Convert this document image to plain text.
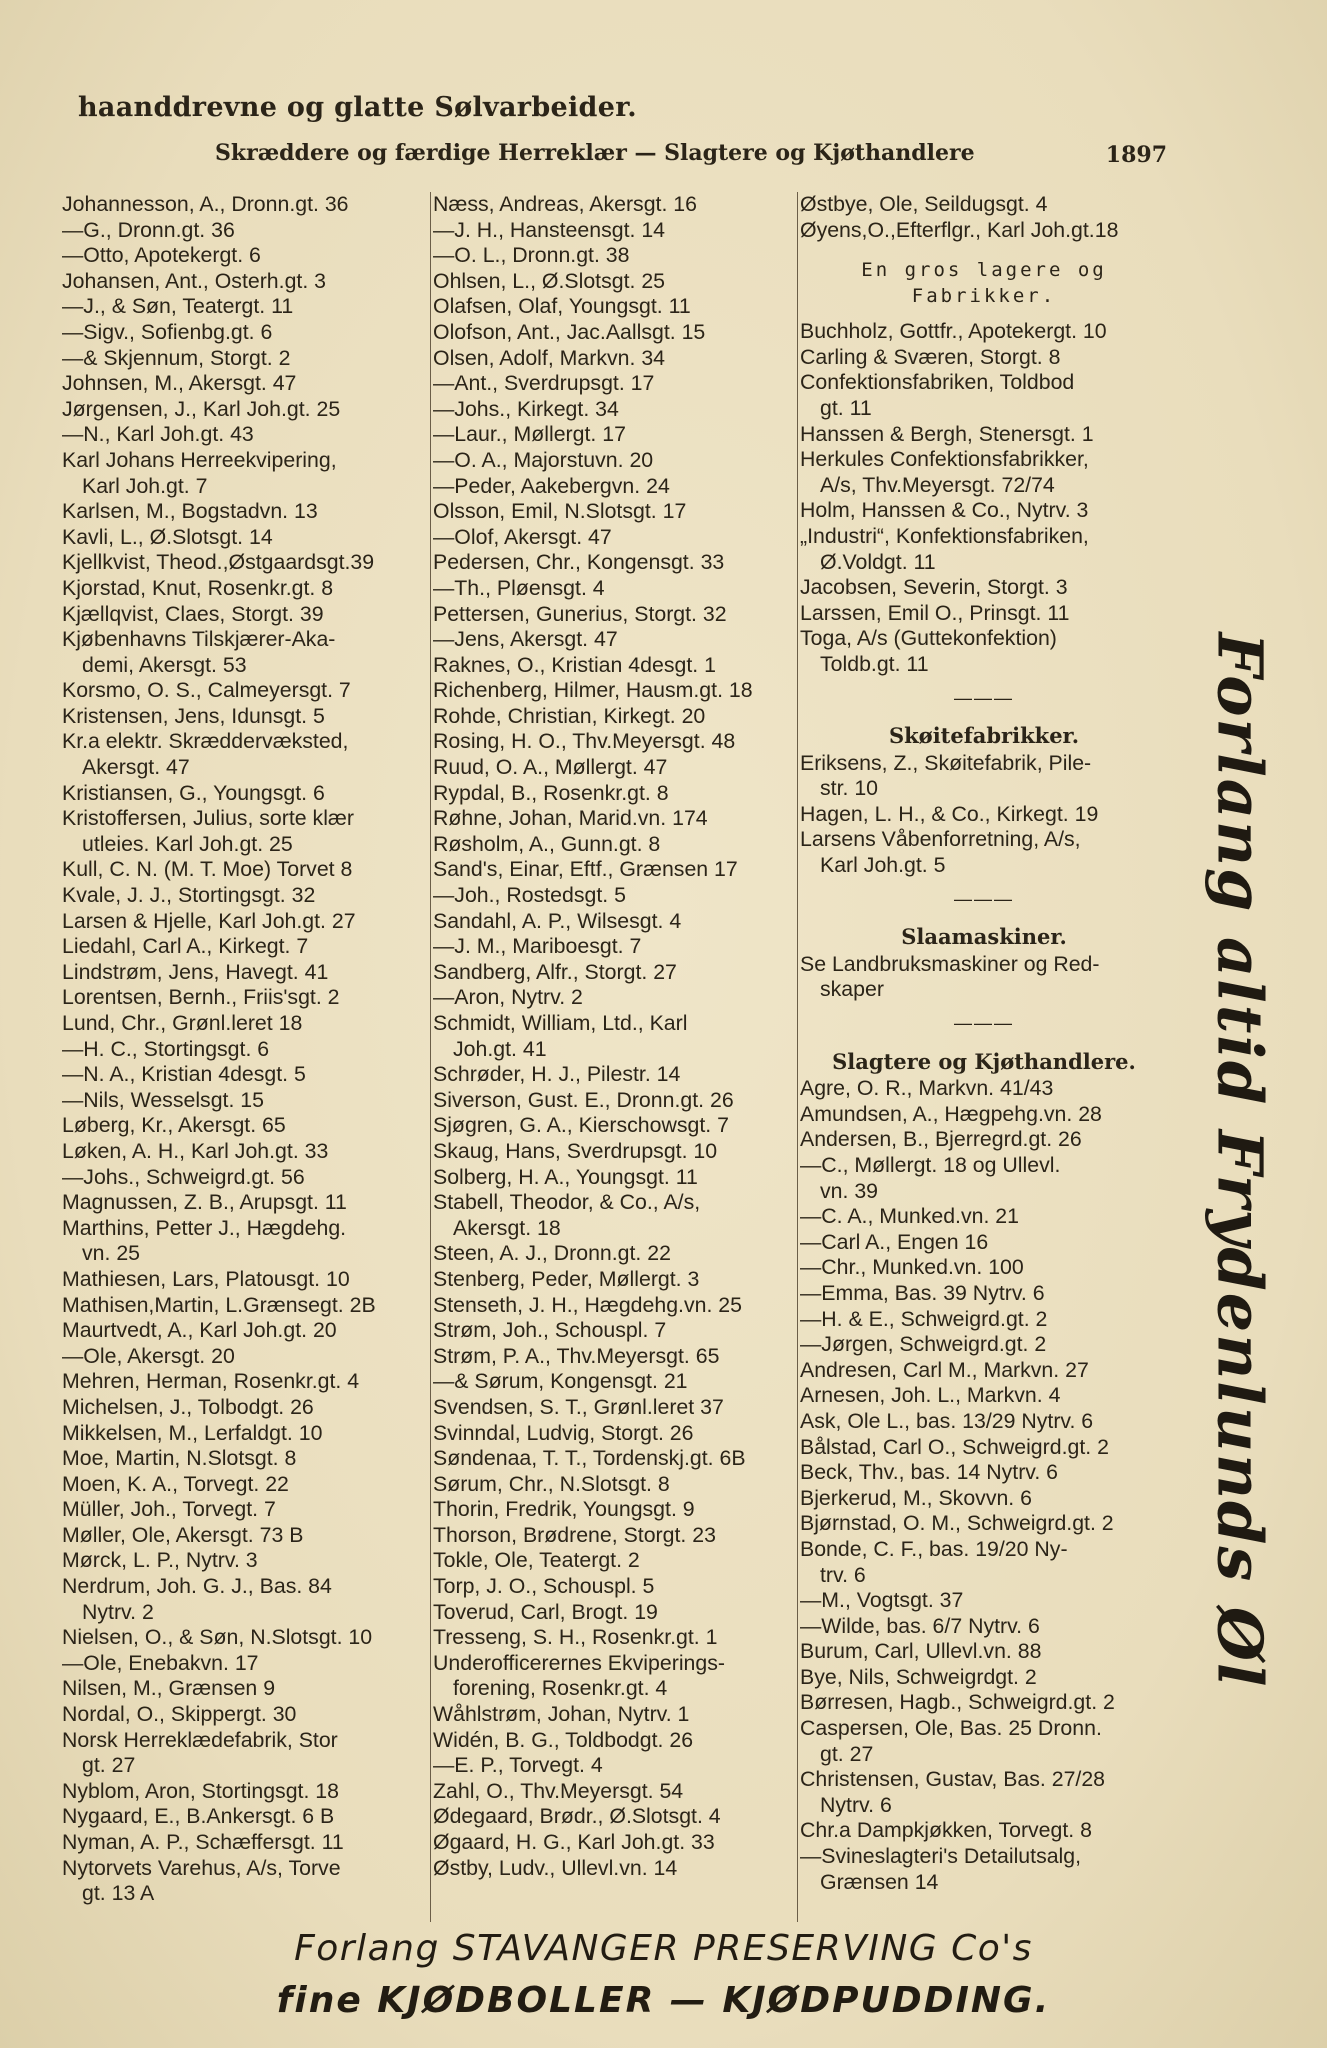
haanddrevne og glatte Sølvarbeider.
Skræddere og færdige Herreklær — Slagtere og Kjøthandlere	1897
Johannesson, A., Dronn.gt. 36
—G., Dronn.gt. 36
—Otto, Apotekergt. 6
Johansen, Ant., Osterh.gt. 3
—J., & Søn, Teatergt. 11
—Sigv., Sofienbg.gt. 6
—& Skjennum, Storgt. 2
Johnsen, M., Akersgt. 47
Jørgensen, J., Karl Joh.gt. 25
—N., Karl Joh.gt. 43
Karl Johans Herreekvipering,
Karl Joh.gt. 7
Karlsen, M., Bogstadvn. 13
Kavli, L., Ø.Slotsgt. 14
Kjellkvist, Theod.,Østgaardsgt.39
Kjorstad, Knut, Rosenkr.gt. 8
Kjællqvist, Claes, Storgt. 39
Kjøbenhavns Tilskjærer-Aka-
demi, Akersgt. 53
Korsmo, O. S., Calmeyersgt. 7
Kristensen, Jens, Idunsgt. 5
Kr.a elektr. Skræddervæksted,
Akersgt. 47
Kristiansen, G., Youngsgt. 6
Kristoffersen, Julius, sorte klær
utleies. Karl Joh.gt. 25
Kull, C. N. (M. T. Moe) Torvet 8
Kvale, J. J., Stortingsgt. 32
Larsen & Hjelle, Karl Joh.gt. 27
Liedahl, Carl A., Kirkegt. 7
Lindstrøm, Jens, Havegt. 41
Lorentsen, Bernh., Friis'sgt. 2
Lund, Chr., Grønl.leret 18
—H. C., Stortingsgt. 6
—N. A., Kristian 4desgt. 5
—Nils, Wesselsgt. 15
Løberg, Kr., Akersgt. 65
Løken, A. H., Karl Joh.gt. 33
—Johs., Schweigrd.gt. 56
Magnussen, Z. B., Arupsgt. 11
Marthins, Petter J., Hægdehg.
vn. 25
Mathiesen, Lars, Platousgt. 10
Mathisen,Martin, L.Grænsegt. 2B
Maurtvedt, A., Karl Joh.gt. 20
—Ole, Akersgt. 20
Mehren, Herman, Rosenkr.gt. 4
Michelsen, J., Tolbodgt. 26
Mikkelsen, M., Lerfaldgt. 10
Moe, Martin, N.Slotsgt. 8
Moen, K. A., Torvegt. 22
Müller, Joh., Torvegt. 7
Møller, Ole, Akersgt. 73 B
Mørck, L. P., Nytrv. 3
Nerdrum, Joh. G. J., Bas. 84
Nytrv. 2
Nielsen, O., & Søn, N.Slotsgt. 10
—Ole, Enebakvn. 17
Nilsen, M., Grænsen 9
Nordal, O., Skippergt. 30
Norsk Herreklædefabrik, Stor
gt. 27
Nyblom, Aron, Stortingsgt. 18
Nygaard, E., B.Ankersgt. 6 B
Nyman, A. P., Schæffersgt. 11
Nytorvets Varehus, A/s, Torve
gt. 13 A
Næss, Andreas, Akersgt. 16
—J. H., Hansteensgt. 14
—O. L., Dronn.gt. 38
Ohlsen, L., Ø.Slotsgt. 25
Olafsen, Olaf, Youngsgt. 11
Olofson, Ant., Jac.Aallsgt. 15
Olsen, Adolf, Markvn. 34
—Ant., Sverdrupsgt. 17
—Johs., Kirkegt. 34
—Laur., Møllergt. 17
—O. A., Majorstuvn. 20
—Peder, Aakebergvn. 24
Olsson, Emil, N.Slotsgt. 17
—Olof, Akersgt. 47
Pedersen, Chr., Kongensgt. 33
—Th., Pløensgt. 4
Pettersen, Gunerius, Storgt. 32
—Jens, Akersgt. 47
Raknes, O., Kristian 4desgt. 1
Richenberg, Hilmer, Hausm.gt. 18
Rohde, Christian, Kirkegt. 20
Rosing, H. O., Thv.Meyersgt. 48
Ruud, O. A., Møllergt. 47
Rypdal, B., Rosenkr.gt. 8
Røhne, Johan, Marid.vn. 174
Røsholm, A., Gunn.gt. 8
Sand's, Einar, Eftf., Grænsen 17
—Joh., Rostedsgt. 5
Sandahl, A. P., Wilsesgt. 4
—J. M., Mariboesgt. 7
Sandberg, Alfr., Storgt. 27
—Aron, Nytrv. 2
Schmidt, William, Ltd., Karl
Joh.gt. 41
Schrøder, H. J., Pilestr. 14
Siverson, Gust. E., Dronn.gt. 26
Sjøgren, G. A., Kierschowsgt. 7
Skaug, Hans, Sverdrupsgt. 10
Solberg, H. A., Youngsgt. 11
Stabell, Theodor, & Co., A/s,
Akersgt. 18
Steen, A. J., Dronn.gt. 22
Stenberg, Peder, Møllergt. 3
Stenseth, J. H., Hægdehg.vn. 25
Strøm, Joh., Schouspl. 7
Strøm, P. A., Thv.Meyersgt. 65
—& Sørum, Kongensgt. 21
Svendsen, S. T., Grønl.leret 37
Svinndal, Ludvig, Storgt. 26
Søndenaa, T. T., Tordenskj.gt. 6B
Sørum, Chr., N.Slotsgt. 8
Thorin, Fredrik, Youngsgt. 9
Thorson, Brødrene, Storgt. 23
Tokle, Ole, Teatergt. 2
Torp, J. O., Schouspl. 5
Toverud, Carl, Brogt. 19
Tresseng, S. H., Rosenkr.gt. 1
Underofficerernes Ekviperings-
forening, Rosenkr.gt. 4
Wåhlstrøm, Johan, Nytrv. 1
Widén, B. G., Toldbodgt. 26
—E. P., Torvegt. 4
Zahl, O., Thv.Meyersgt. 54
Ødegaard, Brødr., Ø.Slotsgt. 4
Øgaard, H. G., Karl Joh.gt. 33
Østby, Ludv., Ullevl.vn. 14
Østbye, Ole, Seildugsgt. 4
Øyens,O.,Efterflgr., Karl Joh.gt.18
En gros lagere og
Fabrikker.
Buchholz, Gottfr., Apotekergt. 10
Carling & Sværen, Storgt. 8
Confektionsfabriken, Toldbod
gt. 11
Hanssen & Bergh, Stenersgt. 1
Herkules Confektionsfabrikker,
A/s, Thv.Meyersgt. 72/74
Holm, Hanssen & Co., Nytrv. 3
„Industri“, Konfektionsfabriken,
Ø.Voldgt. 11
Jacobsen, Severin, Storgt. 3
Larssen, Emil O., Prinsgt. 11
Toga, A/s (Guttekonfektion)
Toldb.gt. 11
———
Skøitefabrikker.
Eriksens, Z., Skøitefabrik, Pile-
str. 10
Hagen, L. H., & Co., Kirkegt. 19
Larsens Våbenforretning, A/s,
Karl Joh.gt. 5
———
Slaamaskiner.
Se Landbruksmaskiner og Red-
skaper
———
Slagtere og Kjøthandlere.
Agre, O. R., Markvn. 41/43
Amundsen, A., Hægpehg.vn. 28
Andersen, B., Bjerregrd.gt. 26
—C., Møllergt. 18 og Ullevl.
vn. 39
—C. A., Munked.vn. 21
—Carl A., Engen 16
—Chr., Munked.vn. 100
—Emma, Bas. 39 Nytrv. 6
—H. & E., Schweigrd.gt. 2
—Jørgen, Schweigrd.gt. 2
Andresen, Carl M., Markvn. 27
Arnesen, Joh. L., Markvn. 4
Ask, Ole L., bas. 13/29 Nytrv. 6
Bålstad, Carl O., Schweigrd.gt. 2
Beck, Thv., bas. 14 Nytrv. 6
Bjerkerud, M., Skovvn. 6
Bjørnstad, O. M., Schweigrd.gt. 2
Bonde, C. F., bas. 19/20 Ny-
trv. 6
—M., Vogtsgt. 37
—Wilde, bas. 6/7 Nytrv. 6
Burum, Carl, Ullevl.vn. 88
Bye, Nils, Schweigrdgt. 2
Børresen, Hagb., Schweigrd.gt. 2
Caspersen, Ole, Bas. 25 Dronn.
gt. 27
Christensen, Gustav, Bas. 27/28
Nytrv. 6
Chr.a Dampkjøkken, Torvegt. 8
—Svineslagteri's Detailutsalg,
Grænsen 14
Forlang altid Frydenlunds Øl
Forlang STAVANGER PRESERVING Co's
fine KJØDBOLLER — KJØDPUDDING.
